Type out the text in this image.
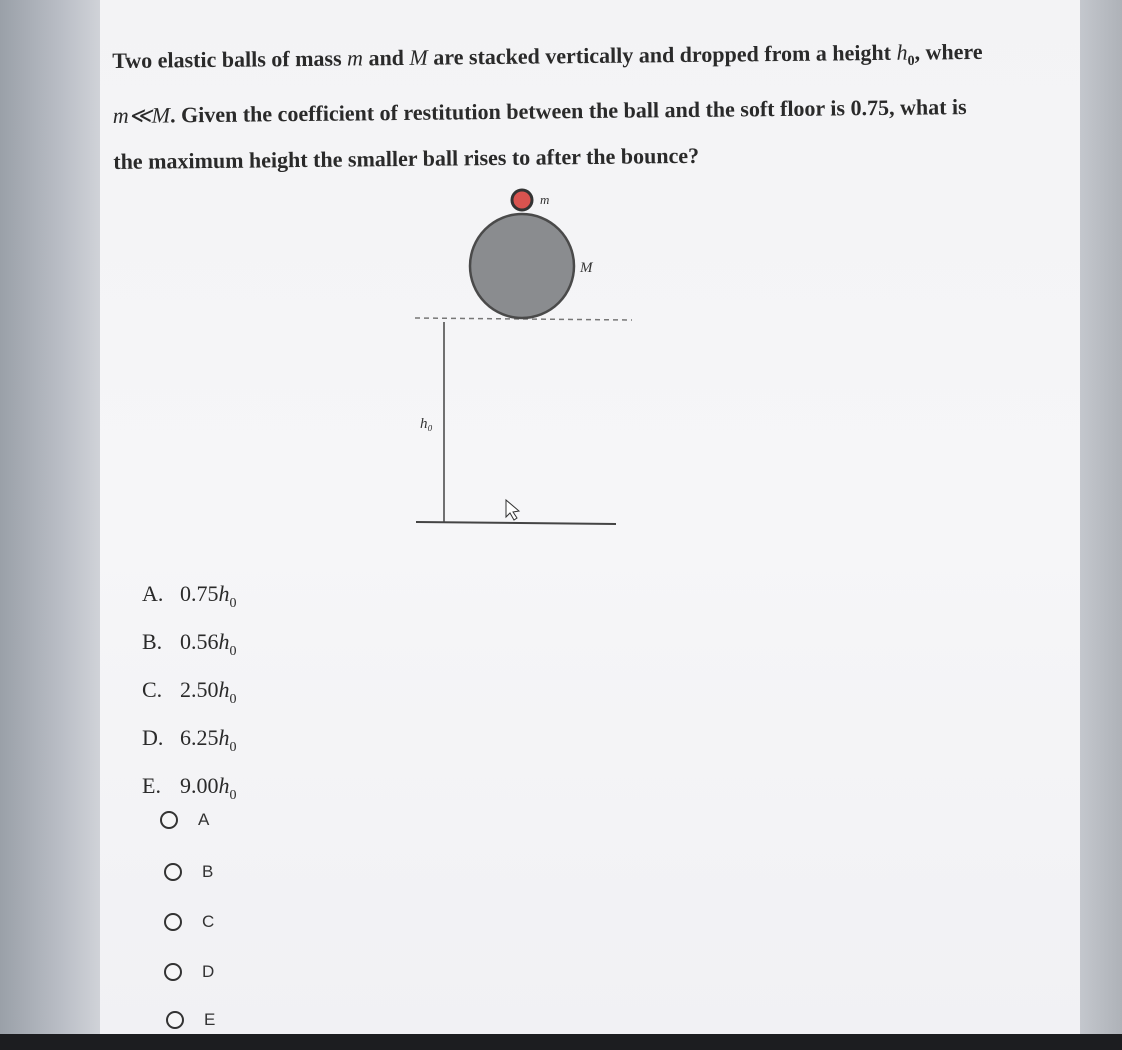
Two elastic balls of mass m and M are stacked vertically and dropped from a height $h_0$, where m≪M. Given the coefficient of restitution between the ball and the soft floor is 0.75, what is the maximum height the smaller ball rises to after the bounce?
m
M
h₀
A. 0.75 $h_0$
B. 0.56 $h_0$
C. 2.50 $h_0$
D. 6.25 $h_0$
E. 9.00 $h_0$
A
B
C
D
E
